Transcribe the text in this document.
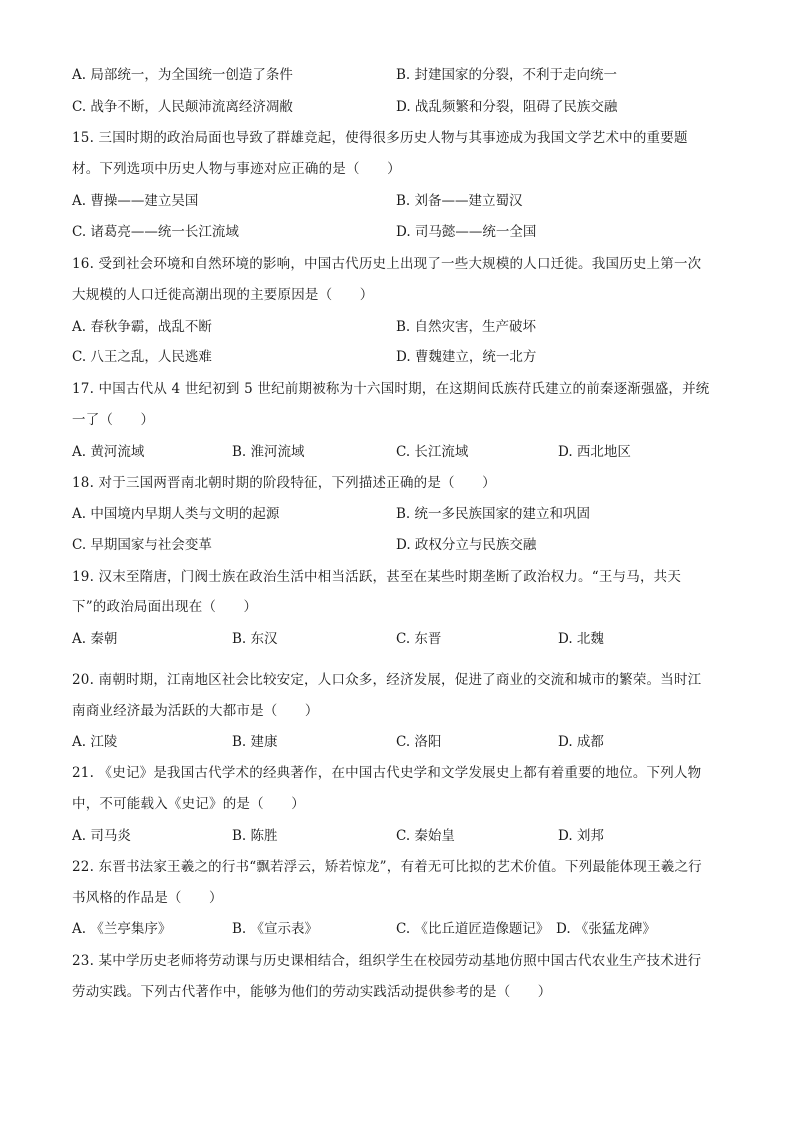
A. 局部统一，为全国统一创造了条件	B. 封建国家的分裂，不利于走向统一
C. 战争不断，人民颠沛流离经济凋敝	D. 战乱频繁和分裂，阻碍了民族交融
15. 三国时期的政治局面也导致了群雄竞起，使得很多历史人物与其事迹成为我国文学艺术中的重要题
材。下列选项中历史人物与事迹对应正确的是（　　）
A. 曹操——建立吴国	B. 刘备——建立蜀汉
C. 诸葛亮——统一长江流域	D. 司马懿——统一全国
16. 受到社会环境和自然环境的影响，中国古代历史上出现了一些大规模的人口迁徙。我国历史上第一次
大规模的人口迁徙高潮出现的主要原因是（　　）
A. 春秋争霸，战乱不断	B. 自然灾害，生产破坏
C. 八王之乱，人民逃难	D. 曹魏建立，统一北方
17. 中国古代从 4 世纪初到 5 世纪前期被称为十六国时期，在这期间氐族苻氏建立的前秦逐渐强盛，并统
一了（　　）
A. 黄河流域	B. 淮河流域	C. 长江流域	D. 西北地区
18. 对于三国两晋南北朝时期的阶段特征，下列描述正确的是（　　）
A. 中国境内早期人类与文明的起源	B. 统一多民族国家的建立和巩固
C. 早期国家与社会变革	D. 政权分立与民族交融
19. 汉末至隋唐，门阀士族在政治生活中相当活跃，甚至在某些时期垄断了政治权力。“王与马，共天
下”的政治局面出现在（　　）
A. 秦朝	B. 东汉	C. 东晋	D. 北魏
20. 南朝时期，江南地区社会比较安定，人口众多，经济发展，促进了商业的交流和城市的繁荣。当时江
南商业经济最为活跃的大都市是（　　）
A. 江陵	B. 建康	C. 洛阳	D. 成都
21. 《史记》是我国古代学术的经典著作，在中国古代史学和文学发展史上都有着重要的地位。下列人物
中，不可能载入《史记》的是（　　）
A. 司马炎	B. 陈胜	C. 秦始皇	D. 刘邦
22. 东晋书法家王羲之的行书“飘若浮云，矫若惊龙”，有着无可比拟的艺术价值。下列最能体现王羲之行
书风格的作品是（　　）
A. 《兰亭集序》	B. 《宣示表》	C. 《比丘道匠造像题记》 D. 《张猛龙碑》
23. 某中学历史老师将劳动课与历史课相结合，组织学生在校园劳动基地仿照中国古代农业生产技术进行
劳动实践。下列古代著作中，能够为他们的劳动实践活动提供参考的是（　　）
